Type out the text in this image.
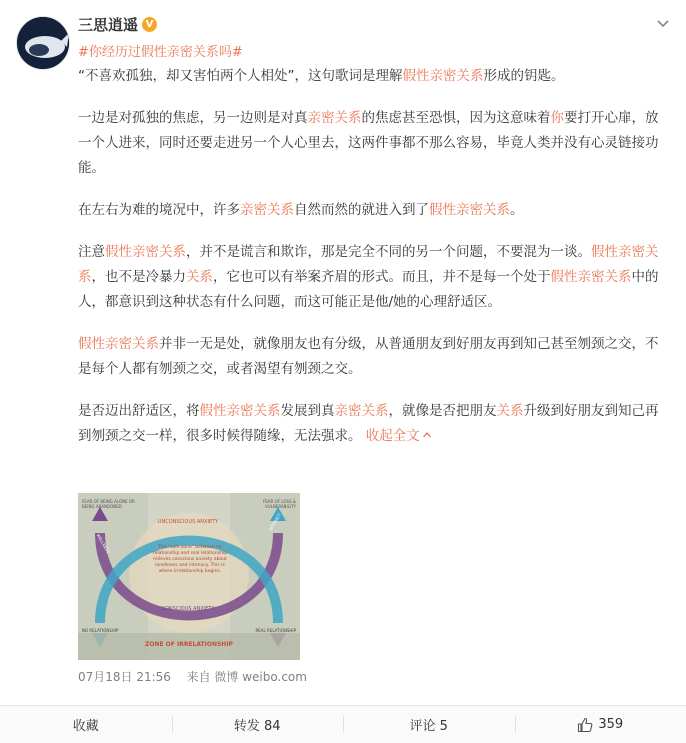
三思逍遥 V
#你经历过假性亲密关系吗#

“不喜欢孤独，却又害怕两个人相处”，这句歌词是理解假性亲密关系形成的钥匙。

一边是对孤独的焦虑，另一边则是对真亲密关系的焦虑甚至恐惧，因为这意味着你要打开心扉，放一个人进来，同时还要走进另一个人心里去，这两件事都不那么容易，毕竟人类并没有心灵链接功能。

在左右为难的境况中，许多亲密关系自然而然的就进入到了假性亲密关系。

注意假性亲密关系，并不是谎言和欺诈，那是完全不同的另一个问题，不要混为一谈。假性亲密关系，也不是冷暴力关系，它也可以有举案齐眉的形式。而且，并不是每一个处于假性亲密关系中的人，都意识到这种状态有什么问题，而这可能正是他/她的心理舒适区。

假性亲密关系并非一无是处，就像朋友也有分级，从普通朋友到好朋友再到知己甚至刎颈之交，不是每个人都有刎颈之交，或者渴望有刎颈之交。

是否迈出舒适区，将假性亲密关系发展到真亲密关系，就像是否把朋友关系升级到好朋友到知己再到刎颈之交一样，很多时候得随缘，无法强求。 收起全文

FEAR OF BEING ALONE OR BEING ABANDONED
FEAR OF LOSS & VULNERABILITY
UNCONSCIOUS ANXIETY
The "safe zone" between no relationship and real relationship relieves conscious anxiety about loneliness and intimacy. This is where irrelationship begins.
CONSCIOUS ANXIETY
WELLNESS
INTIMACY
NO RELATIONSHIP	REAL RELATIONSHIP
ZONE OF IRRELATIONSHIP
07月18日 21:56 来自 微博 weibo.com
收藏	转发 84	评论 5	359
